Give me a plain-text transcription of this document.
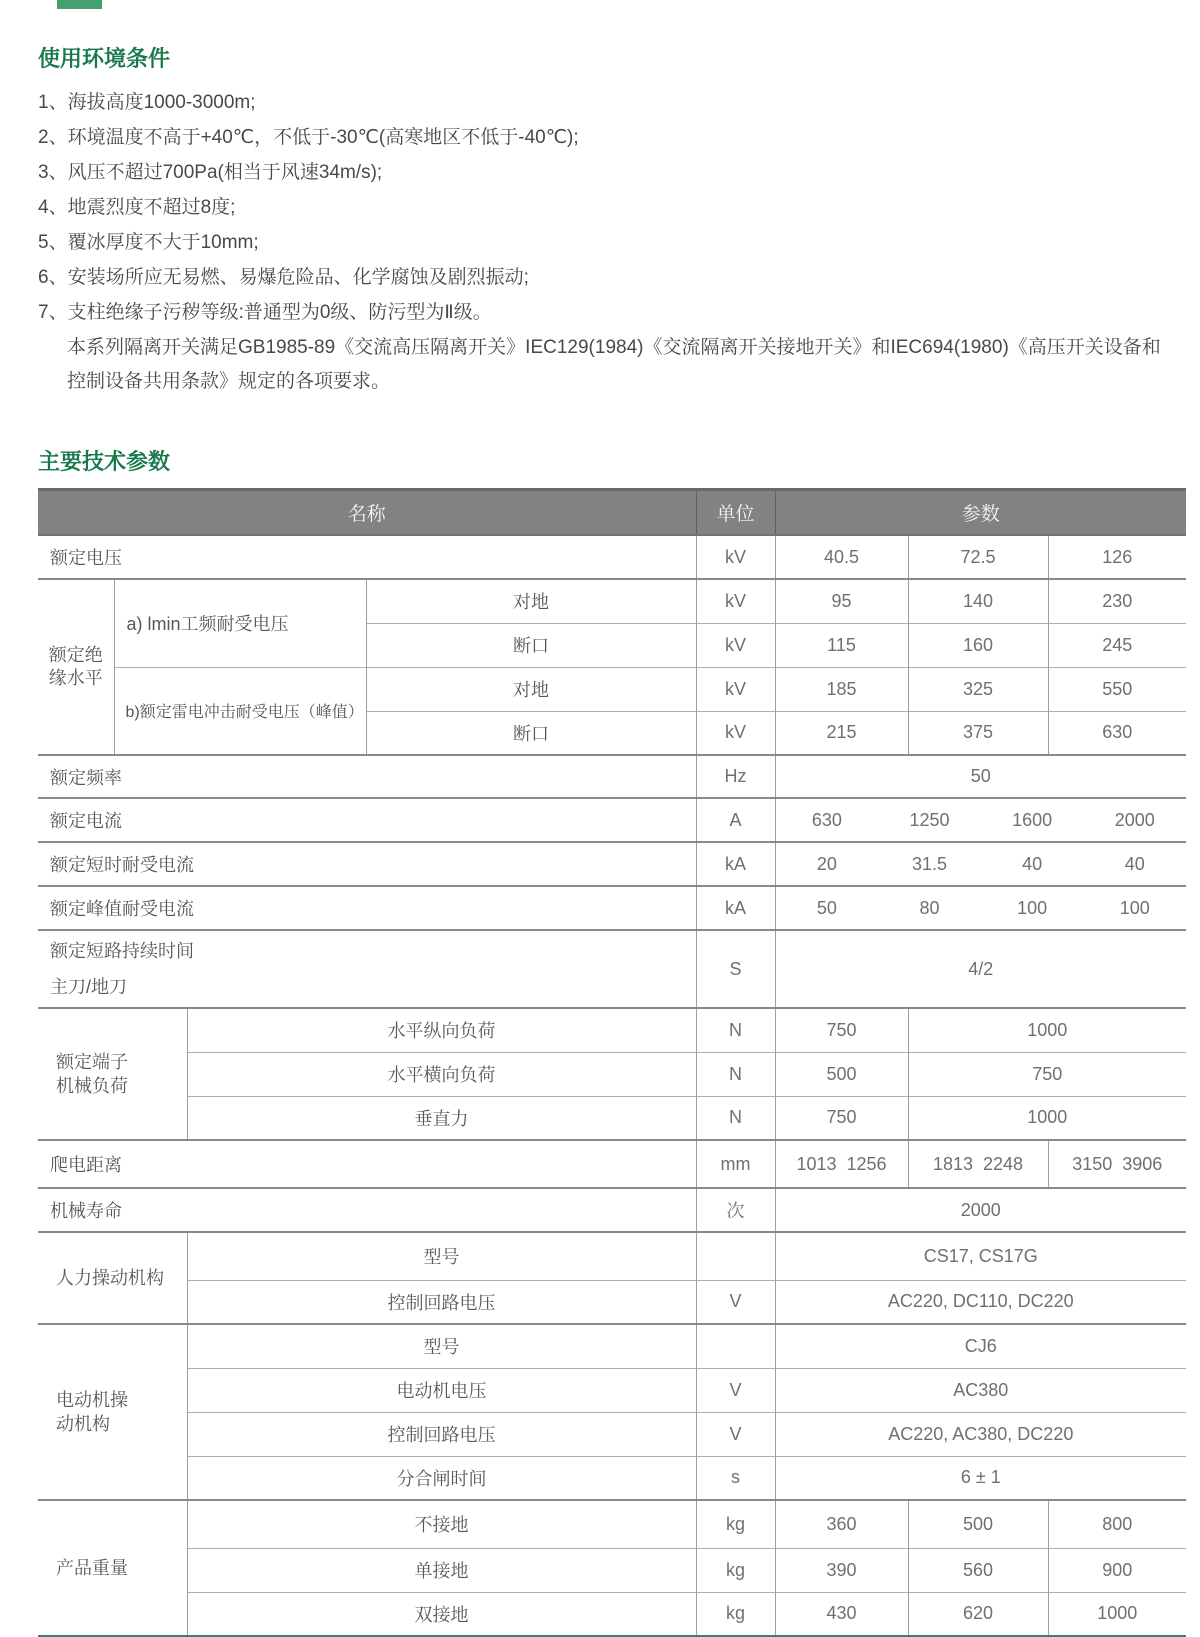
使用环境条件
1、海拔高度1000-3000m;
2、环境温度不高于+40℃，不低于-30℃(高寒地区不低于-40℃);
3、风压不超过700Pa(相当于风速34m/s);
4、地震烈度不超过8度;
5、覆冰厚度不大于10mm;
6、安装场所应无易燃、易爆危险品、化学腐蚀及剧烈振动;
7、支柱绝缘子污秽等级:普通型为0级、防污型为Ⅱ级。

本系列隔离开关满足GB1985-89《交流高压隔离开关》IEC129(1984)《交流隔离开关接地开关》和IEC694(1980)《高压开关设备和控制设备共用条款》规定的各项要求。

主要技术参数
名称				单位	参数		
额定电压				kV	40.5	72.5	126

额定绝
缘水平	a) lmin工频耐受电压		对地	kV	95	140	230
			断口	kV	115	160	245
	b)额定雷电冲击耐受电压（峰值）		对地	kV	185	325	550
			断口	kV	215	375	630
额定频率				Hz	50		
额定电流				A	630 1250 1600 2000		

额定短时耐受电流				kA	20 31.5 40 40		

额定峰值耐受电流				kA	50 80 100 100		

额定短路持续时间
主刀/地刀				S	4/2		

额定端子
机械负荷		水平纵向负荷		N	750	1000	
		水平横向负荷		N	500	750	
		垂直力		N	750	1000	
爬电距离				mm	1013  1256	1813  2248	3150  3906
机械寿命				次	2000		
人力操动机构		型号			CS17, CS17G		
		控制回路电压		V	AC220, DC110, DC220		

电动机操
动机构		型号			CJ6		
		电动机电压		V	AC380		
		控制回路电压		V	AC220, AC380, DC220		
		分合闸时间		s	6 ± 1		
产品重量		不接地		kg	360	500	800
		单接地		kg	390	560	900
		双接地		kg	430	620	1000
